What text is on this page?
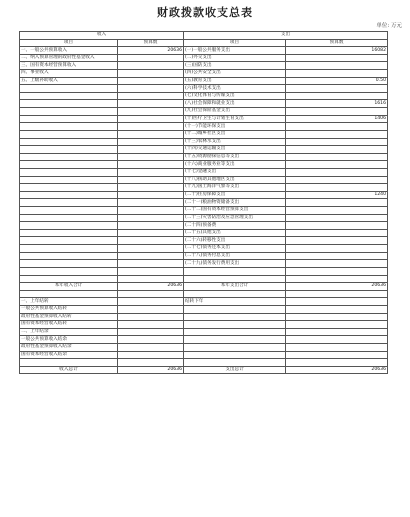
财政拨款收支总表
单位: 万元
收入		支出	
项目	预算数	项目	预算数
一、一般公共预算收入	20636	(一)一般公共服务支出	16082
二、纳入预算管理的政府性基金收入		(二)外交支出	
三、国有资本经营预算收入		(三)国防支出	
四、事业收入		(四)公共安全支出	
五、上级补助收入		(五)教育支出	0.50
		(六)科学技术支出	
		(七)文化体育与传媒支出	
		(八)社会保障和就业支出	1616
		(九)社会保险基金支出	
		(十)医疗卫生与计划生育支出	1406
		(十一)节能环保支出	
		(十二)城乡社区支出	
		(十三)农林水支出	
		(十四)交通运输支出	
		(十五)资源勘探信息等支出	
		(十六)商业服务业等支出	
		(十七)金融支出	
		(十八)援助其他地区支出	
		(十九)国土海洋气象等支出	
		(二十)住房保障支出	1240
		(二十一)粮油物资储备支出	
		(二十二)国有资本经营预算支出	
		(二十三)灾害防治及应急管理支出	
		(二十四)预备费	
		(二十五)其他支出	
		(二十六)转移性支出	
		(二十七)债务还本支出	
		(二十八)债务付息支出	
		(二十九)债务发行费用支出	

本年收入合计	20636	本年支出合计	20636

一、上年结转		结转下年	
一般公共预算收入结转			
政府性基金预算收入结转			
国有资本经营收入结转			
二、上年结余			
一般公共预算收入结余			
政府性基金预算收入结余			
国有资本经营收入结余			

收入总计	20636	支出总计	20636
